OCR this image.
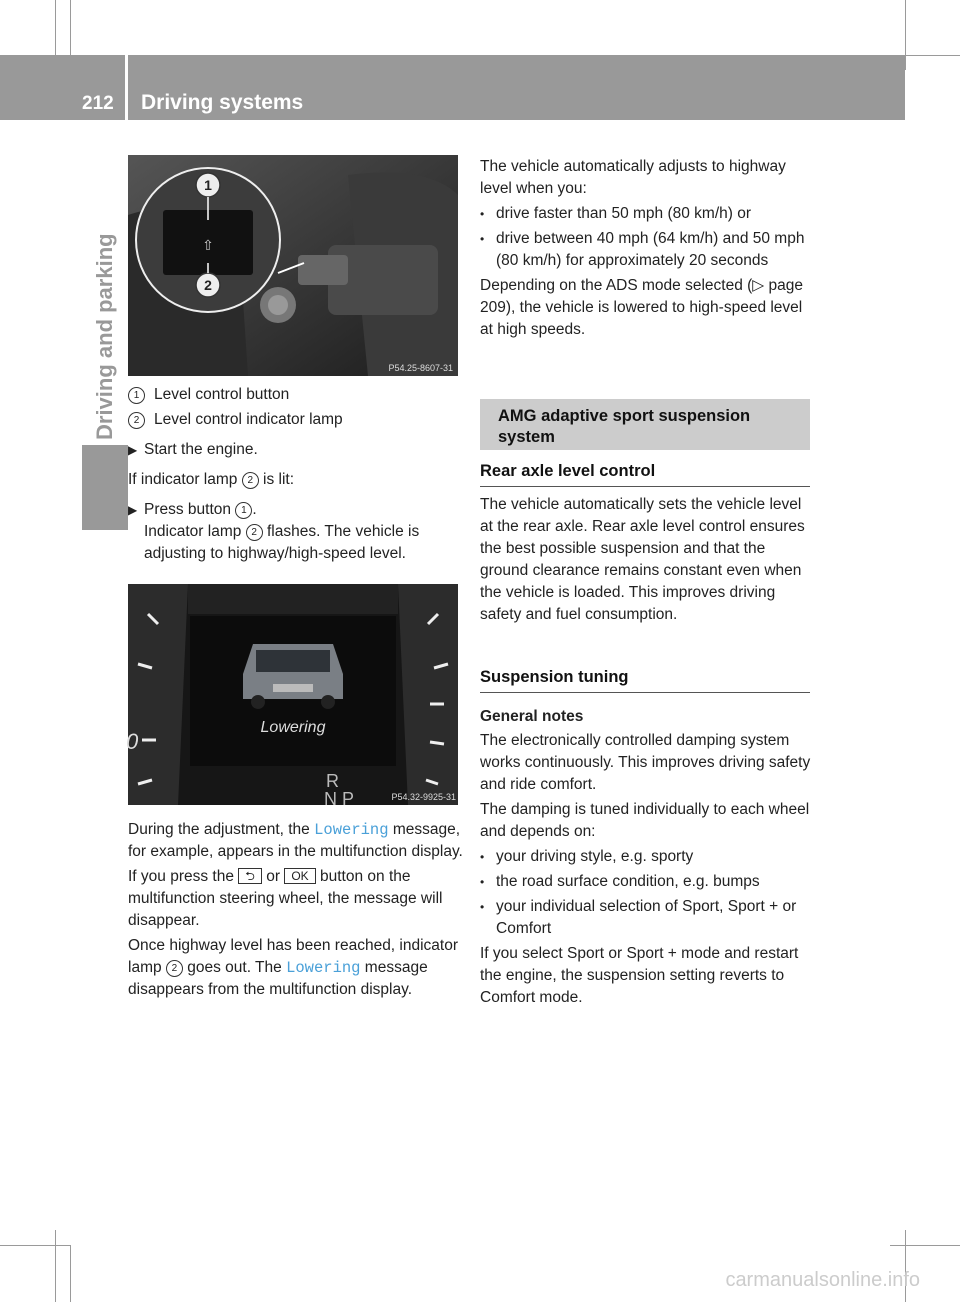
212 Driving systems
Driving and parking	⇧
1
2
P54.25-8607-31
1 Level control button
2 Level control indicator lamp
▶ Start the engine.

If indicator lamp 2 is lit:

▶ Press button 1 .
Indicator lamp 2 flashes. The vehicle is adjusting to highway/high-speed level.
0
Lowering
R
N P	P54.32-9925-31

During the adjustment, the Lowering message, for example, appears in the multifunction display.

If you press the ⮌ or OK button on the multifunction steering wheel, the message will disappear.

Once highway level has been reached, indicator lamp 2 goes out. The Lowering message disappears from the multifunction display.

The vehicle automatically adjusts to highway level when you:

• drive faster than 50 mph (80 km/h) or
• drive between 40 mph (64 km/h) and 50 mph (80 km/h) for approximately 20 seconds

Depending on the ADS mode selected (▷ page 209), the vehicle is lowered to high-speed level at high speeds.

AMG adaptive sport suspension system
Rear axle level control

The vehicle automatically sets the vehicle level at the rear axle. Rear axle level control ensures the best possible suspension and that the ground clearance remains constant even when the vehicle is loaded. This improves driving safety and fuel consumption.

Suspension tuning

General notes

The electronically controlled damping system works continuously. This improves driving safety and ride comfort.

The damping is tuned individually to each wheel and depends on:

• your driving style, e.g. sporty
• the road surface condition, e.g. bumps
• your individual selection of Sport, Sport + or Comfort

If you select Sport or Sport + mode and restart the engine, the suspension setting reverts to Comfort mode.

carmanualsonline.info
